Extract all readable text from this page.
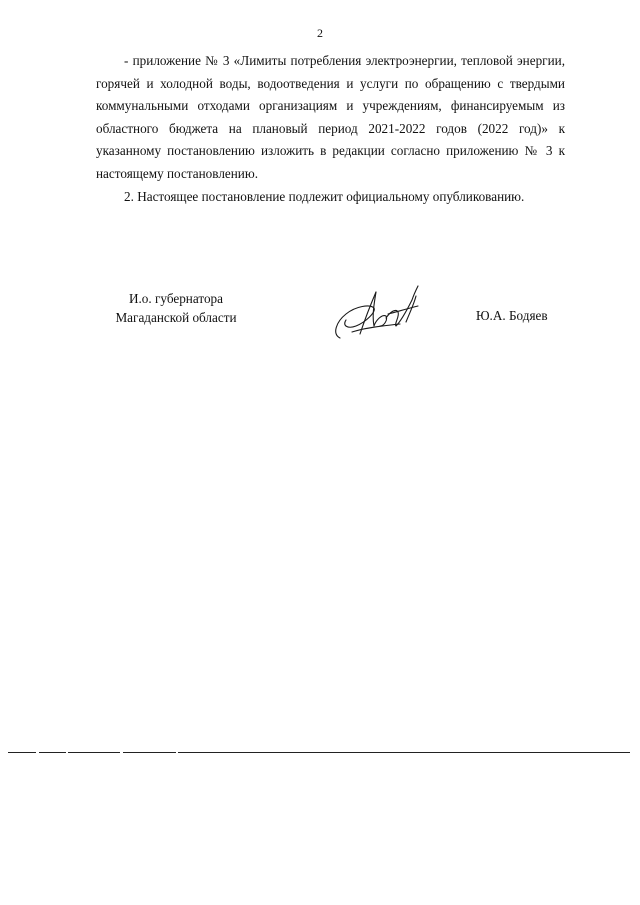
2

- приложение № 3 «Лимиты потребления электроэнергии, тепловой энергии, горячей и холодной воды, водоотведения и услуги по обращению с твердыми коммунальными отходами организациям и учреждениям, финансируемым из областного бюджета на плановый период 2021-2022 годов (2022 год)» к указанному постановлению изложить в редакции согласно приложению № 3 к настоящему постановлению.

2. Настоящее постановление подлежит официальному опубликованию.

И.о. губернатора
Магаданской области	Ю.А. Бодяев
